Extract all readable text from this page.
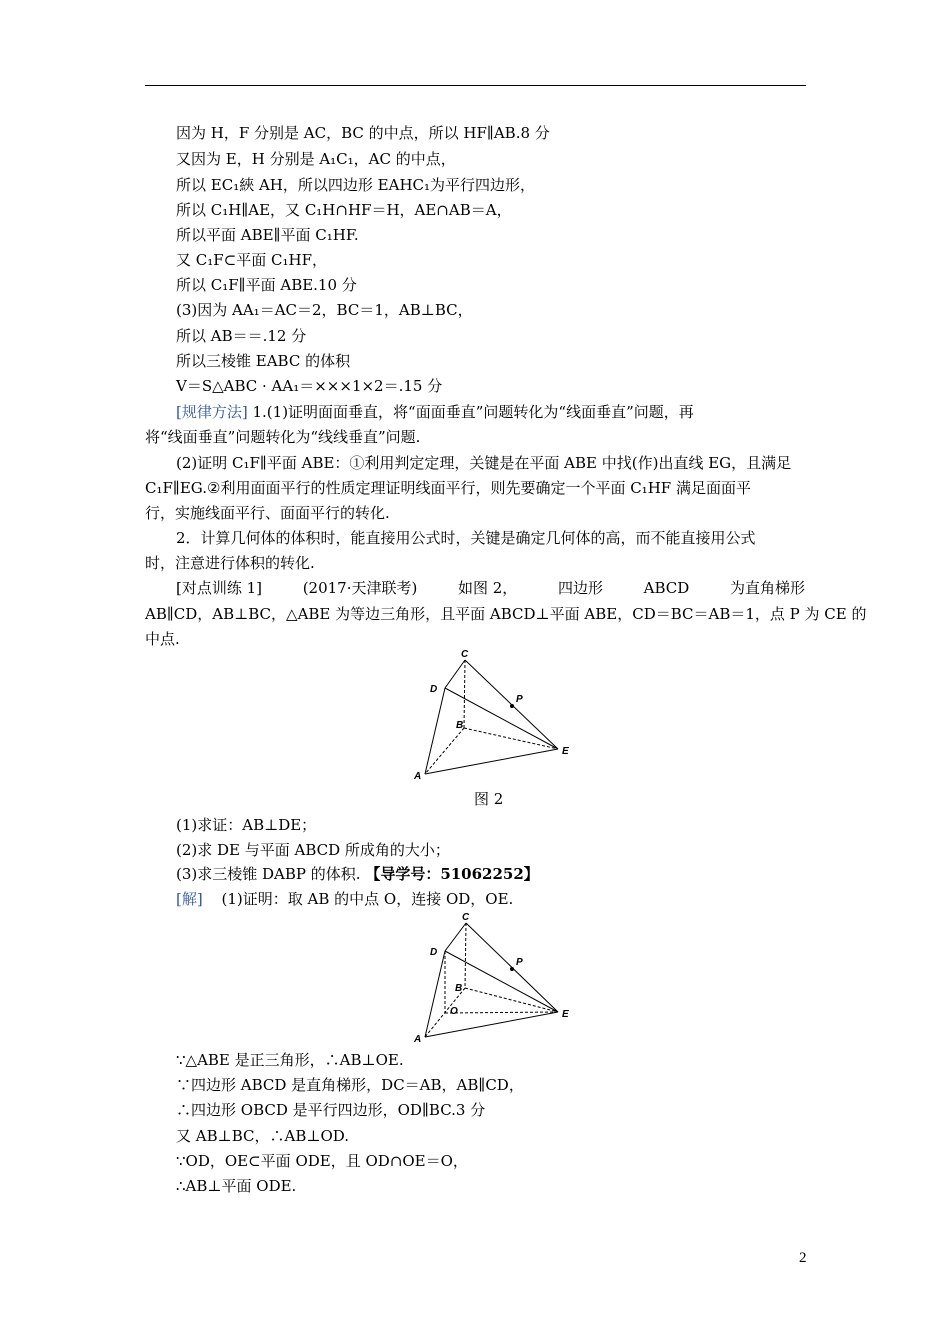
因为 H，F 分别是 AC，BC 的中点，所以 HF∥AB.8 分
又因为 E，H 分别是 A₁C₁，AC 的中点，
所以 EC₁綊 AH，所以四边形 EAHC₁为平行四边形，
所以 C₁H∥AE，又 C₁H∩HF＝H，AE∩AB＝A，
所以平面 ABE∥平面 C₁HF.
又 C₁F⊂平面 C₁HF，
所以 C₁F∥平面 ABE.10 分
(3)因为 AA₁＝AC＝2，BC＝1，AB⊥BC，
所以 AB＝＝.12 分
所以三棱锥 EABC 的体积
V＝S△ABC · AA₁＝×××1×2＝.15 分
[规律方法] 1.(1)证明面面垂直，将“面面垂直”问题转化为“线面垂直”问题，再
将“线面垂直”问题转化为“线线垂直”问题.
(2)证明 C₁F∥平面 ABE：①利用判定定理，关键是在平面 ABE 中找(作)出直线 EG，且满足
C₁F∥EG.②利用面面平行的性质定理证明线面平行，则先要确定一个平面 C₁HF 满足面面平
行，实施线面平行、面面平行的转化.
2．计算几何体的体积时，能直接用公式时，关键是确定几何体的高，而不能直接用公式
时，注意进行体积的转化.
[对点训练 1]	(2017·天津联考)	如图 2，	四边形	ABCD	为直角梯形
AB∥CD，AB⊥BC，△ABE 为等边三角形，且平面 ABCD⊥平面 ABE，CD＝BC＝AB＝1，点 P 为 CE 的
中点.
C
D
P
B
E
A
图 2
(1)求证：AB⊥DE；
(2)求 DE 与平面 ABCD 所成角的大小；
(3)求三棱锥 DABP 的体积. 【导学号：51062252】
[解] (1)证明：取 AB 的中点 O，连接 OD，OE.
C
D
P
B
O	E
A
∵△ABE 是正三角形，∴AB⊥OE.
∵四边形 ABCD 是直角梯形，DC＝AB，AB∥CD，
∴四边形 OBCD 是平行四边形，OD∥BC.3 分
又 AB⊥BC，∴AB⊥OD.
∵OD，OE⊂平面 ODE，且 OD∩OE＝O，
∴AB⊥平面 ODE.
2
